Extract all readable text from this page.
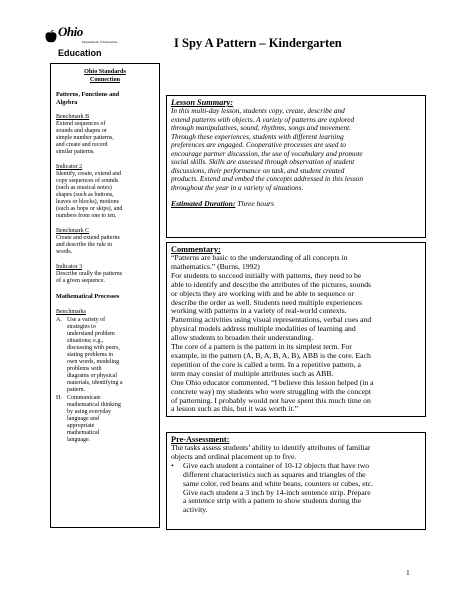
Ohio
Department of Education
Education
I Spy A Pattern – Kindergarten
Ohio Standards
Connection
Patterns, Functions and
Algebra
Benchmark B
Extend sequences of
sounds and shapes or
simple number patterns,
and create and record
similar patterns.
Indicator 2
Identify, create, extend and
copy sequences of sounds
(such as musical notes)
shapes (such as buttons,
leaves or blocks), motions
(such as hops or skips), and
numbers from one to ten.
Benchmark C
Create and extend patterns
and describe the rule in
words.
Indicator 3
Describe orally the patterns
of a given sequence.
Mathematical Processes
Benchmarks
A. Use a variety of
strategies to
understand problem
situations; e.g.,
discussing with peers,
stating problems in
own words, modeling
problems with
diagrams or physical
materials, identifying a
pattern.
H. Communicate
mathematical thinking
by using everyday
language and
appropriate
mathematical
language.
Lesson Summary:
In this multi-day lesson, students copy, create, describe and
extend patterns with objects. A variety of patterns are explored
through manipulatives, sound, rhythms, songs and movement.
Through these experiences, students with different learning
preferences are engaged. Cooperative processes are used to
encourage partner discussion, the use of vocabulary and promote
social skills. Skills are assessed through observation of student
discussions, their performance on task, and student created
products. Extend and embed the concepts addressed in this lesson
throughout the year in a variety of situations.
Estimated Duration: Three hours
Commentary:
“Patterns are basic to the understanding of all concepts in
mathematics.” (Burns, 1992)
For students to succeed initially with patterns, they need to be
able to identify and describe the attributes of the pictures, sounds
or objects they are working with and be able to sequence or
describe the order as well. Students need multiple experiences
working with patterns in a variety of real-world contexts.
Patterning activities using visual representations, verbal cues and
physical models address multiple modalities of learning and
allow students to broaden their understanding.
The core of a pattern is the pattern in its simplest term. For
example, in the pattern (A, B, A, B, A, B), ABB is the core. Each
repetition of the core is called a term. In a repetitive pattern, a
term may consist of multiple attributes such as ABB.
One Ohio educator commented, “I believe this lesson helped (in a
concrete way) my students who were struggling with the concept
of patterning. I probably would not have spent this much time on
a lesson such as this, but it was worth it.”
Pre-Assessment:
The tasks assess students’ ability to identify attributes of familiar
objects and ordinal placement up to five.
•	Give each student a container of 10-12 objects that have two
different characteristics such as squares and triangles of the
same color, red beans and white beans, counters or cubes, etc.
Give each student a 3 inch by 14-inch sentence strip. Prepare
a sentence strip with a pattern to show students during the
activity.
1
